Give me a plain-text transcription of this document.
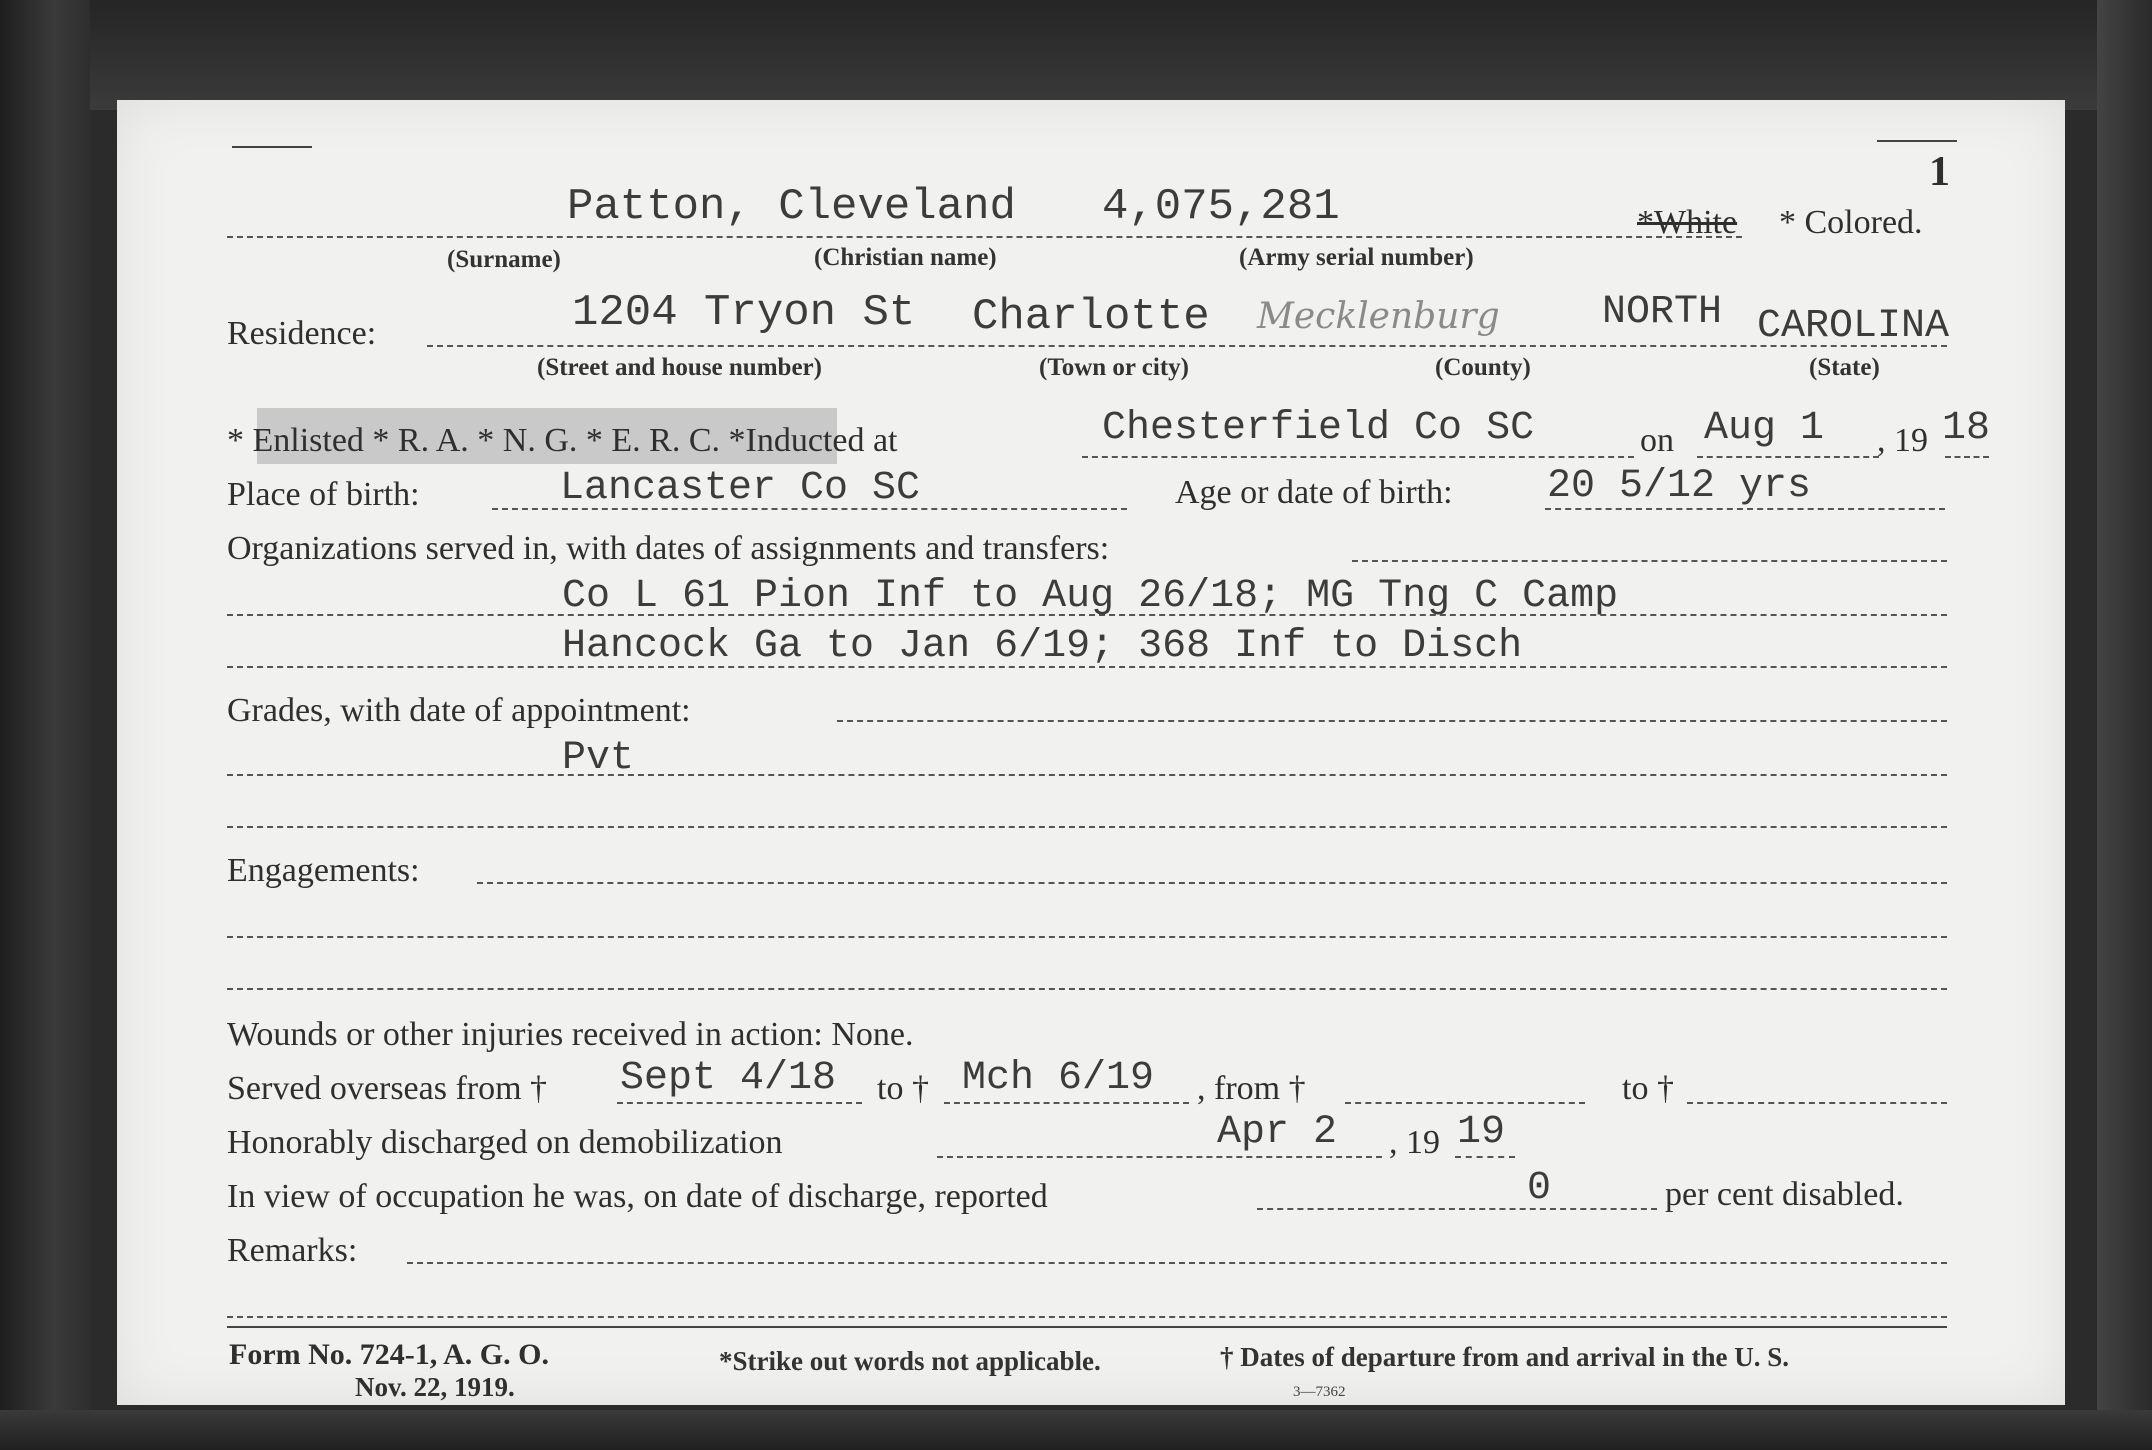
1
Patton, Cleveland 4,075,281	*White * Colored.
(Surname)	(Christian name)	(Army serial number)
Residence:	1204 Tryon St Charlotte Mecklenburg	NORTH CAROLINA
(Street and house number)	(Town or city)	(County)	(State)
* Enlisted * R. A. * N. G. * E. R. C. *Inducted at	Chesterfield Co SC	on Aug 1 , 19 18
Place of birth:	Lancaster Co SC	Age or date of birth: 20 5/12 yrs
Organizations served in, with dates of assignments and transfers:
Co L 61 Pion Inf to Aug 26/18; MG Tng C Camp
Hancock Ga to Jan 6/19; 368 Inf to Disch
Grades, with date of appointment:
Pvt
Engagements:
Wounds or other injuries received in action: None.
Served overseas from † Sept 4/18 to † Mch 6/19 , from †	to †
Honorably discharged on demobilization	Apr 2 , 19 19
In view of occupation he was, on date of discharge, reported	0	per cent disabled.
Remarks:
Form No. 724-1, A. G. O.
Nov. 22, 1919.
*Strike out words not applicable.	† Dates of departure from and arrival in the U. S.
3—7362
